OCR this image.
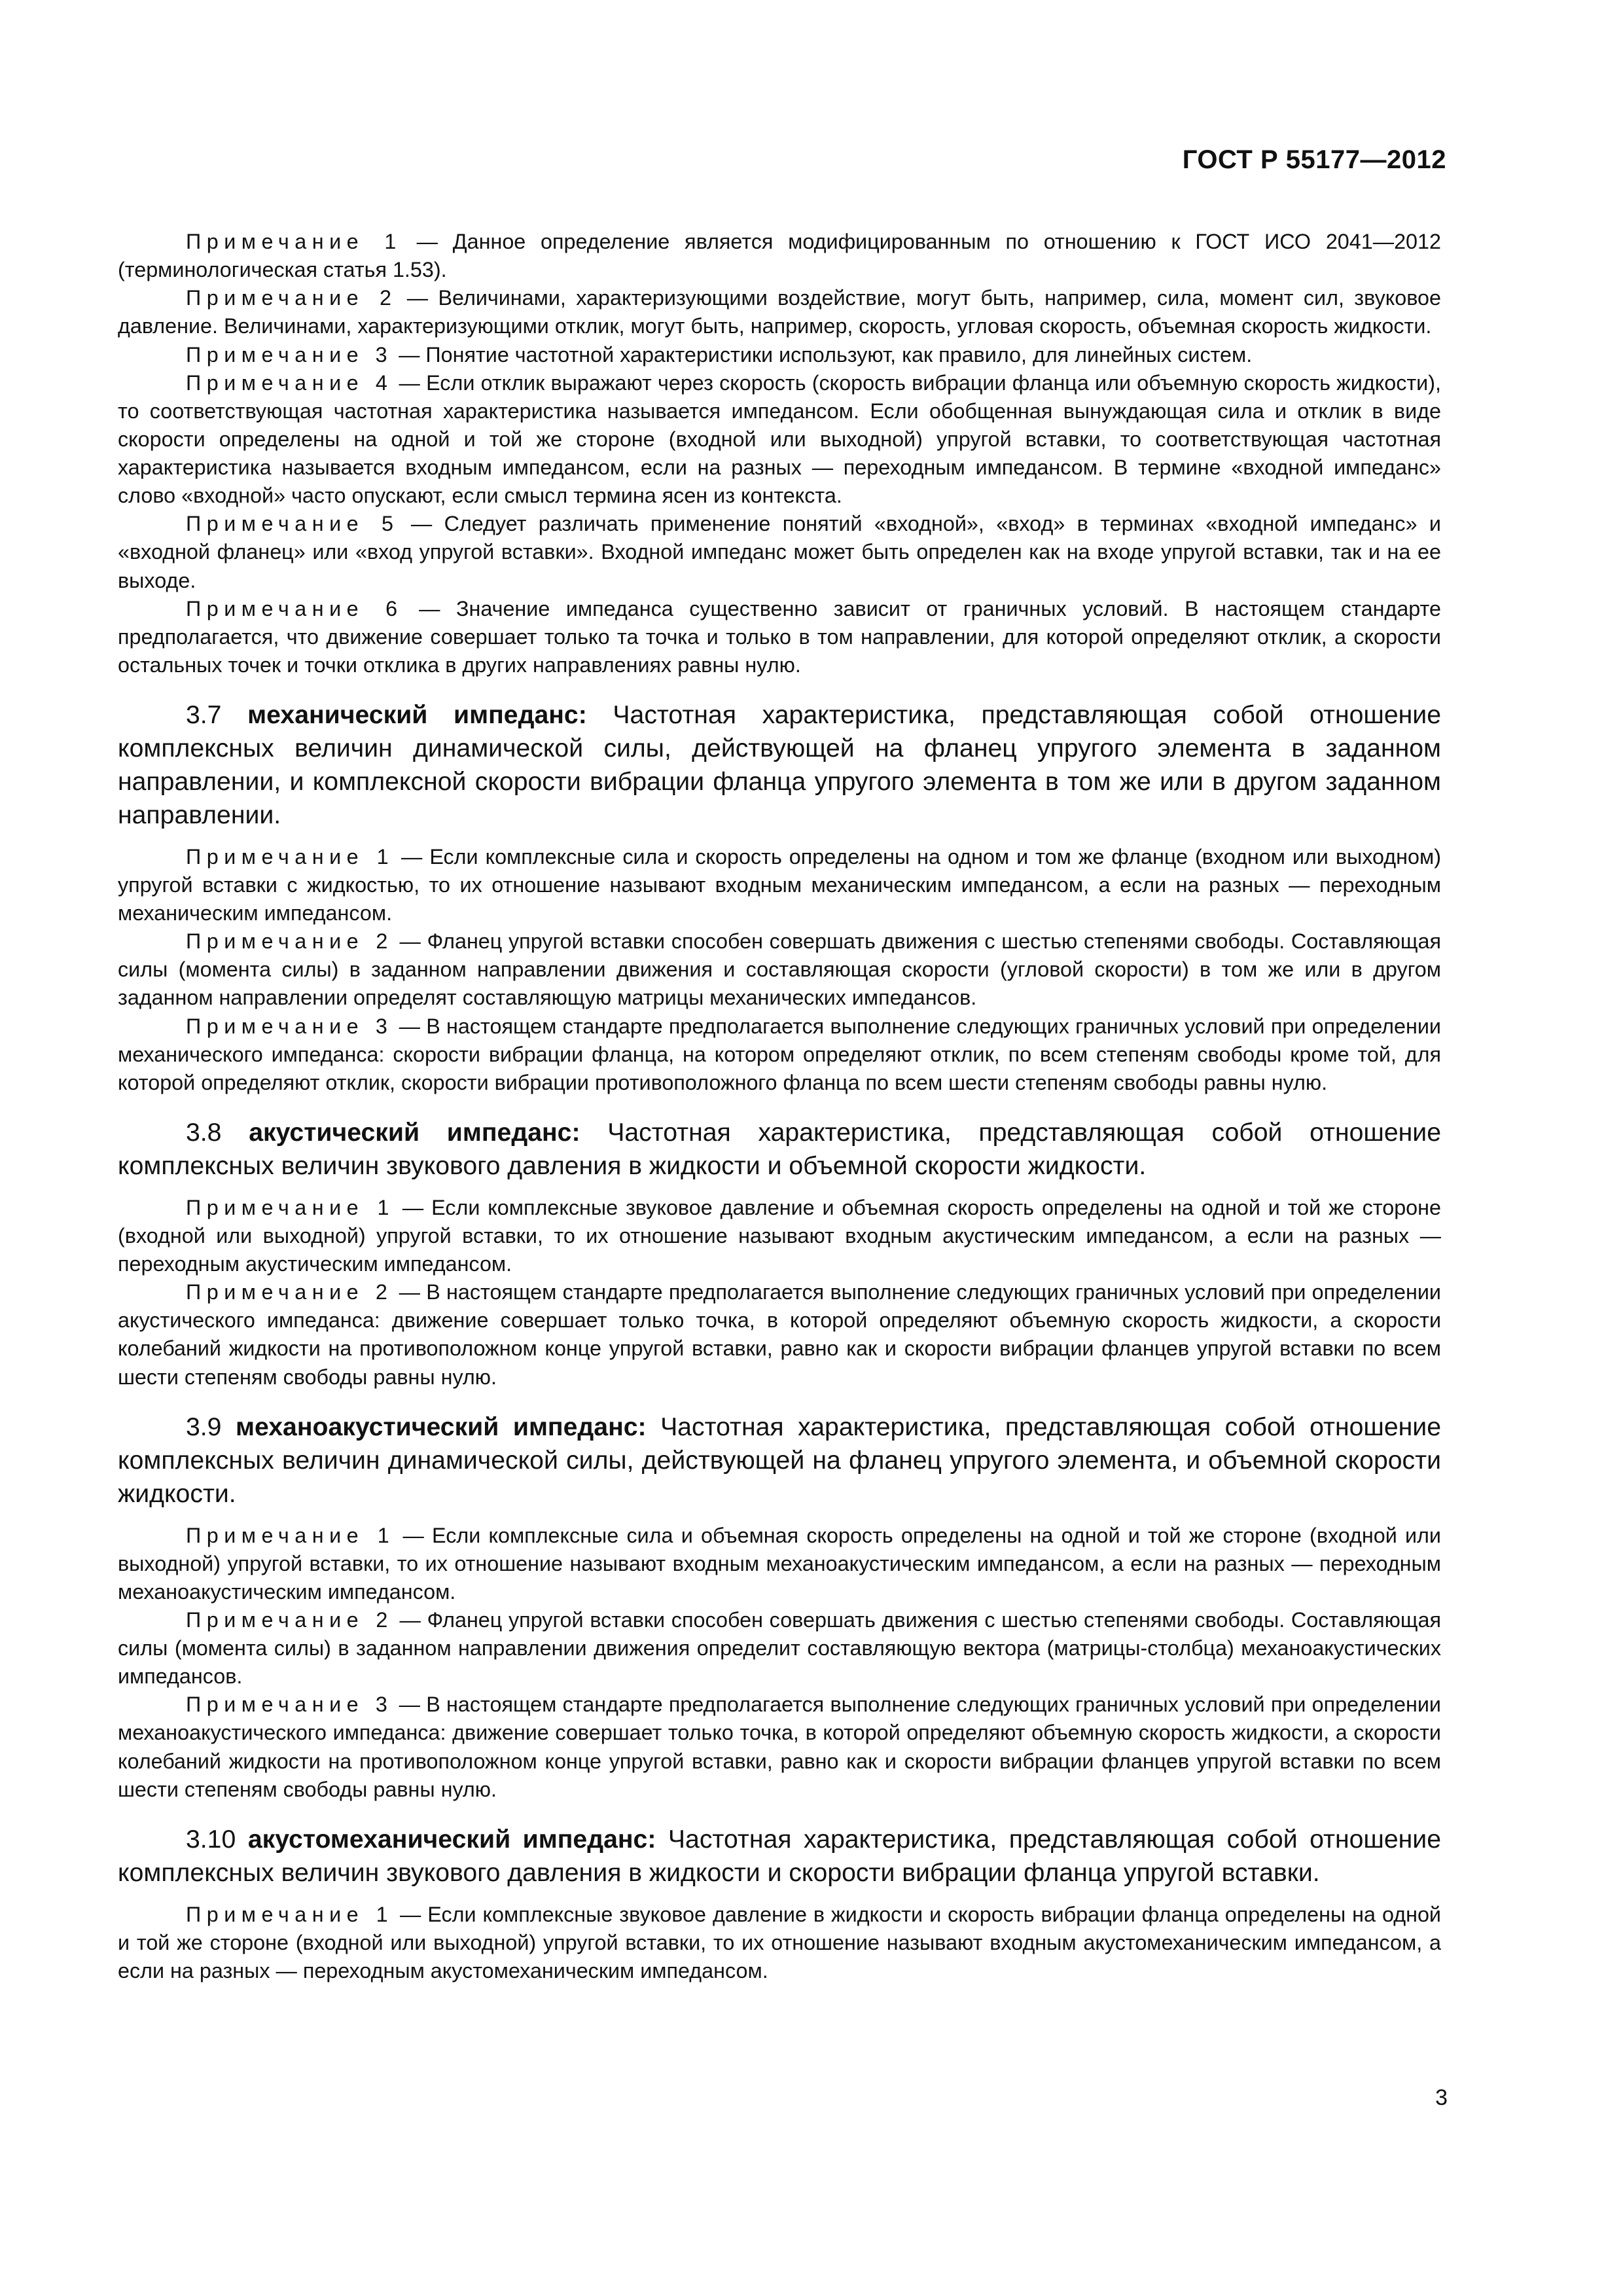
ГОСТ Р 55177—2012

Примечание 1 — Данное определение является модифицированным по отношению к ГОСТ ИСО 2041—2012 (терминологическая статья 1.53).

Примечание 2 — Величинами, характеризующими воздействие, могут быть, например, сила, момент сил, звуковое давление. Величинами, характеризующими отклик, могут быть, например, скорость, угловая скорость, объемная скорость жидкости.

Примечание 3 — Понятие частотной характеристики используют, как правило, для линейных систем.

Примечание 4 — Если отклик выражают через скорость (скорость вибрации фланца или объемную скорость жидкости), то соответствующая частотная характеристика называется импедансом. Если обобщенная вынуждающая сила и отклик в виде скорости определены на одной и той же стороне (входной или выходной) упругой вставки, то соответствующая частотная характеристика называется входным импедансом, если на разных — переходным импедансом. В термине «входной импеданс» слово «входной» часто опускают, если смысл термина ясен из контекста.

Примечание 5 — Следует различать применение понятий «входной», «вход» в терминах «входной импеданс» и «входной фланец» или «вход упругой вставки». Входной импеданс может быть определен как на входе упругой вставки, так и на ее выходе.

Примечание 6 — Значение импеданса существенно зависит от граничных условий. В настоящем стандарте предполагается, что движение совершает только та точка и только в том направлении, для которой определяют отклик, а скорости остальных точек и точки отклика в других направлениях равны нулю.

3.7 механический импеданс: Частотная характеристика, представляющая собой отношение комплексных величин динамической силы, действующей на фланец упругого элемента в заданном направлении, и комплексной скорости вибрации фланца упругого элемента в том же или в другом заданном направлении.

Примечание 1 — Если комплексные сила и скорость определены на одном и том же фланце (входном или выходном) упругой вставки с жидкостью, то их отношение называют входным механическим импедансом, а если на разных — переходным механическим импедансом.

Примечание 2 — Фланец упругой вставки способен совершать движения с шестью степенями свободы. Составляющая силы (момента силы) в заданном направлении движения и составляющая скорости (угловой скорости) в том же или в другом заданном направлении определят составляющую матрицы механических импедансов.

Примечание 3 — В настоящем стандарте предполагается выполнение следующих граничных условий при определении механического импеданса: скорости вибрации фланца, на котором определяют отклик, по всем степеням свободы кроме той, для которой определяют отклик, скорости вибрации противоположного фланца по всем шести степеням свободы равны нулю.

3.8 акустический импеданс: Частотная характеристика, представляющая собой отношение комплексных величин звукового давления в жидкости и объемной скорости жидкости.

Примечание 1 — Если комплексные звуковое давление и объемная скорость определены на одной и той же стороне (входной или выходной) упругой вставки, то их отношение называют входным акустическим импедансом, а если на разных — переходным акустическим импедансом.

Примечание 2 — В настоящем стандарте предполагается выполнение следующих граничных условий при определении акустического импеданса: движение совершает только точка, в которой определяют объемную скорость жидкости, а скорости колебаний жидкости на противоположном конце упругой вставки, равно как и скорости вибрации фланцев упругой вставки по всем шести степеням свободы равны нулю.

3.9 механоакустический импеданс: Частотная характеристика, представляющая собой отношение комплексных величин динамической силы, действующей на фланец упругого элемента, и объемной скорости жидкости.

Примечание 1 — Если комплексные сила и объемная скорость определены на одной и той же стороне (входной или выходной) упругой вставки, то их отношение называют входным механоакустическим импедансом, а если на разных — переходным механоакустическим импедансом.

Примечание 2 — Фланец упругой вставки способен совершать движения с шестью степенями свободы. Составляющая силы (момента силы) в заданном направлении движения определит составляющую вектора (матрицы-столбца) механоакустических импедансов.

Примечание 3 — В настоящем стандарте предполагается выполнение следующих граничных условий при определении механоакустического импеданса: движение совершает только точка, в которой определяют объемную скорость жидкости, а скорости колебаний жидкости на противоположном конце упругой вставки, равно как и скорости вибрации фланцев упругой вставки по всем шести степеням свободы равны нулю.

3.10 акустомеханический импеданс: Частотная характеристика, представляющая собой отношение комплексных величин звукового давления в жидкости и скорости вибрации фланца упругой вставки.

Примечание 1 — Если комплексные звуковое давление в жидкости и скорость вибрации фланца определены на одной и той же стороне (входной или выходной) упругой вставки, то их отношение называют входным акустомеханическим импедансом, а если на разных — переходным акустомеханическим импедансом.

3
